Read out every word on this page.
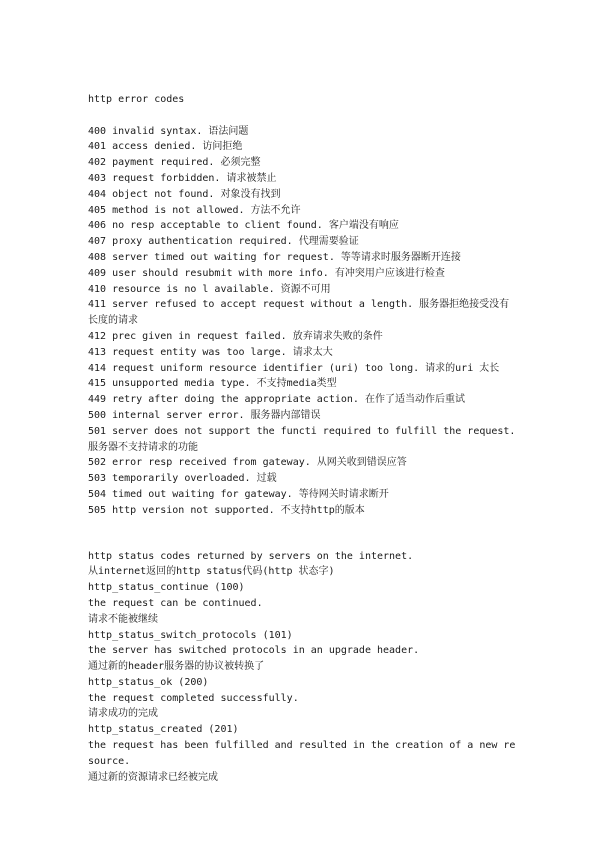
http error codes
400 invalid syntax. 语法问题
401 access denied. 访问拒绝
402 payment required. 必须完整
403 request forbidden. 请求被禁止
404 object not found. 对象没有找到
405 method is not allowed. 方法不允许
406 no resp acceptable to client found. 客户端没有响应
407 proxy authentication required. 代理需要验证
408 server timed out waiting for request. 等等请求时服务器断开连接
409 user should resubmit with more info. 有冲突用户应该进行检查
410 resource is no l available. 资源不可用
411 server refused to accept request without a length. 服务器拒绝接受没有长度的请求
412 prec given in request failed. 放弃请求失败的条件
413 request entity was too large. 请求太大
414 request uniform resource identifier (uri) too long. 请求的uri 太长
415 unsupported media type. 不支持media类型
449 retry after doing the appropriate action. 在作了适当动作后重试
500 internal server error. 服务器内部错误
501 server does not support the functi required to fulfill the request. 服务器不支持请求的功能
502 error resp received from gateway. 从网关收到错误应答
503 temporarily overloaded. 过载
504 timed out waiting for gateway. 等待网关时请求断开
505 http version not supported. 不支持http的版本
http status codes returned by servers on the internet.
从internet返回的http status代码(http 状态字)
http_status_continue (100)
the request can be continued.
请求不能被继续
http_status_switch_protocols (101)
the server has switched protocols in an upgrade header.
通过新的header服务器的协议被转换了
http_status_ok (200)
the request completed successfully.
请求成功的完成
http_status_created (201)
the request has been fulfilled and resulted in the creation of a new resource.
通过新的资源请求已经被完成
